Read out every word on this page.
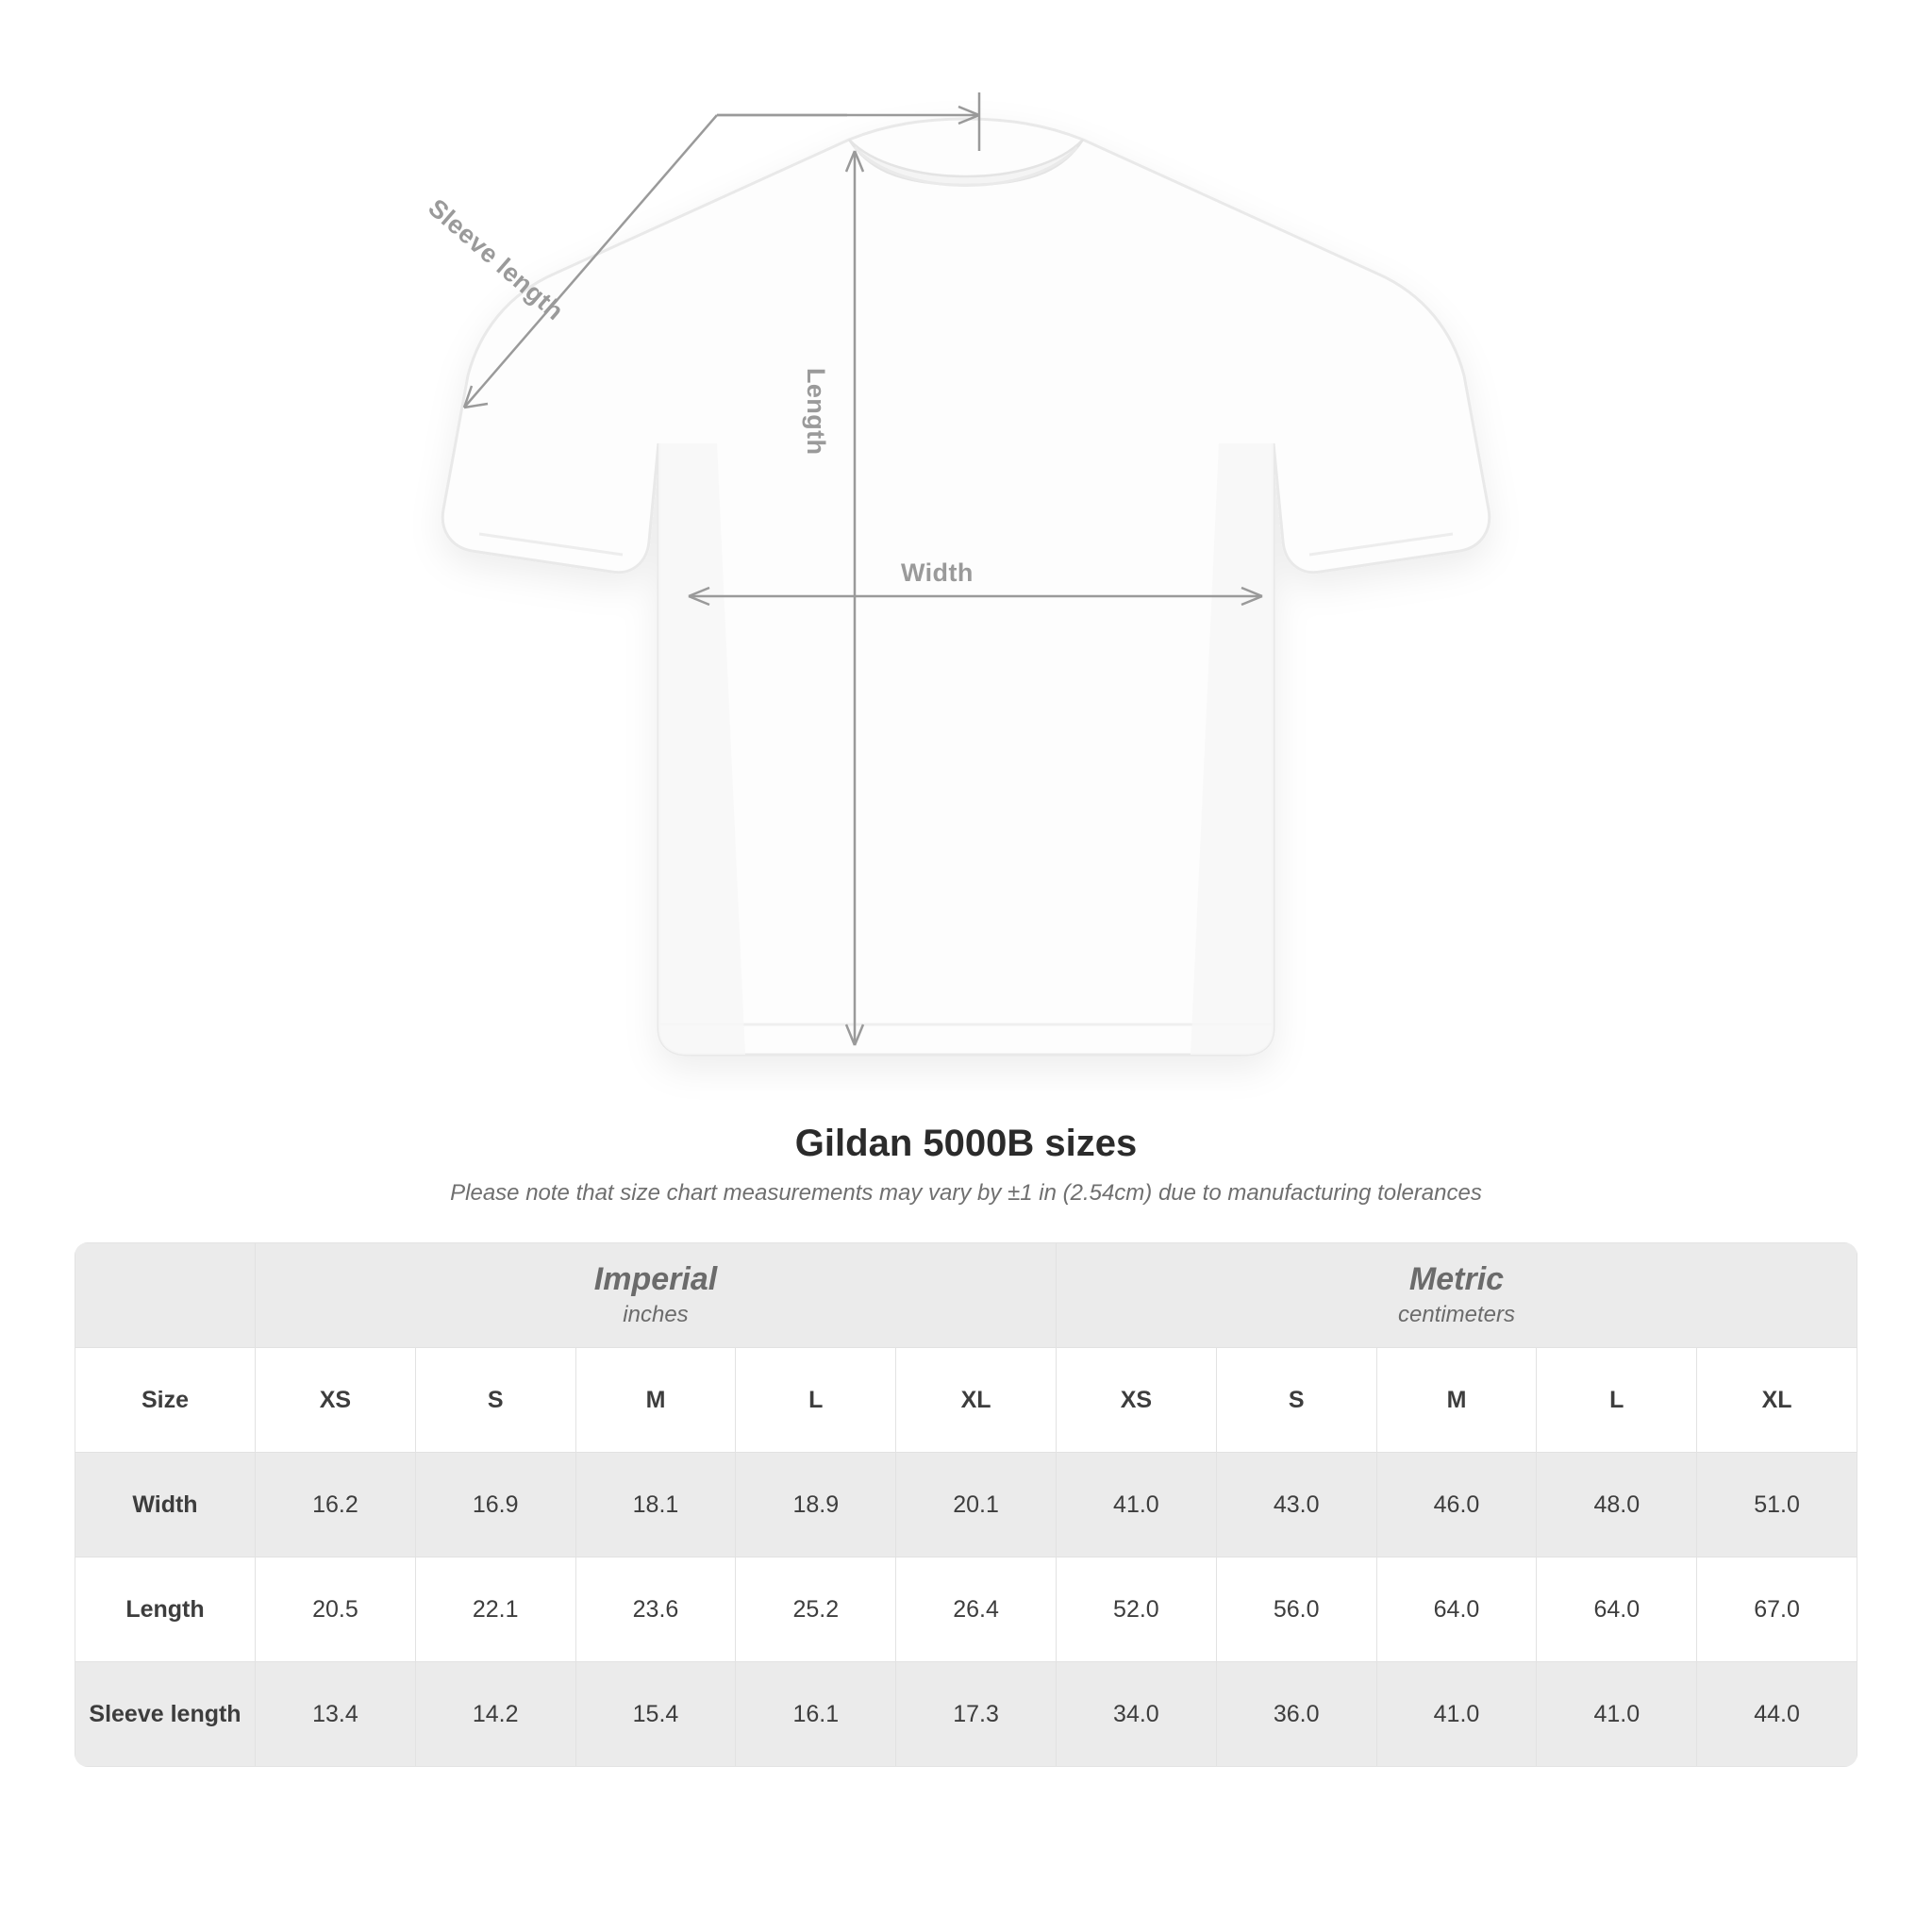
Width
Length
Sleeve length
Gildan 5000B sizes

Please note that size chart measurements may vary by ±1 in (2.54cm) due to manufacturing tolerances

Imperial
inches

Metric
centimeters

Size	XS	S	M	L	XL	XS	S	M	L	XL
Width	16.2	16.9	18.1	18.9	20.1	41.0	43.0	46.0	48.0	51.0
Length	20.5	22.1	23.6	25.2	26.4	52.0	56.0	64.0	64.0	67.0
Sleeve length	13.4	14.2	15.4	16.1	17.3	34.0	36.0	41.0	41.0	44.0
